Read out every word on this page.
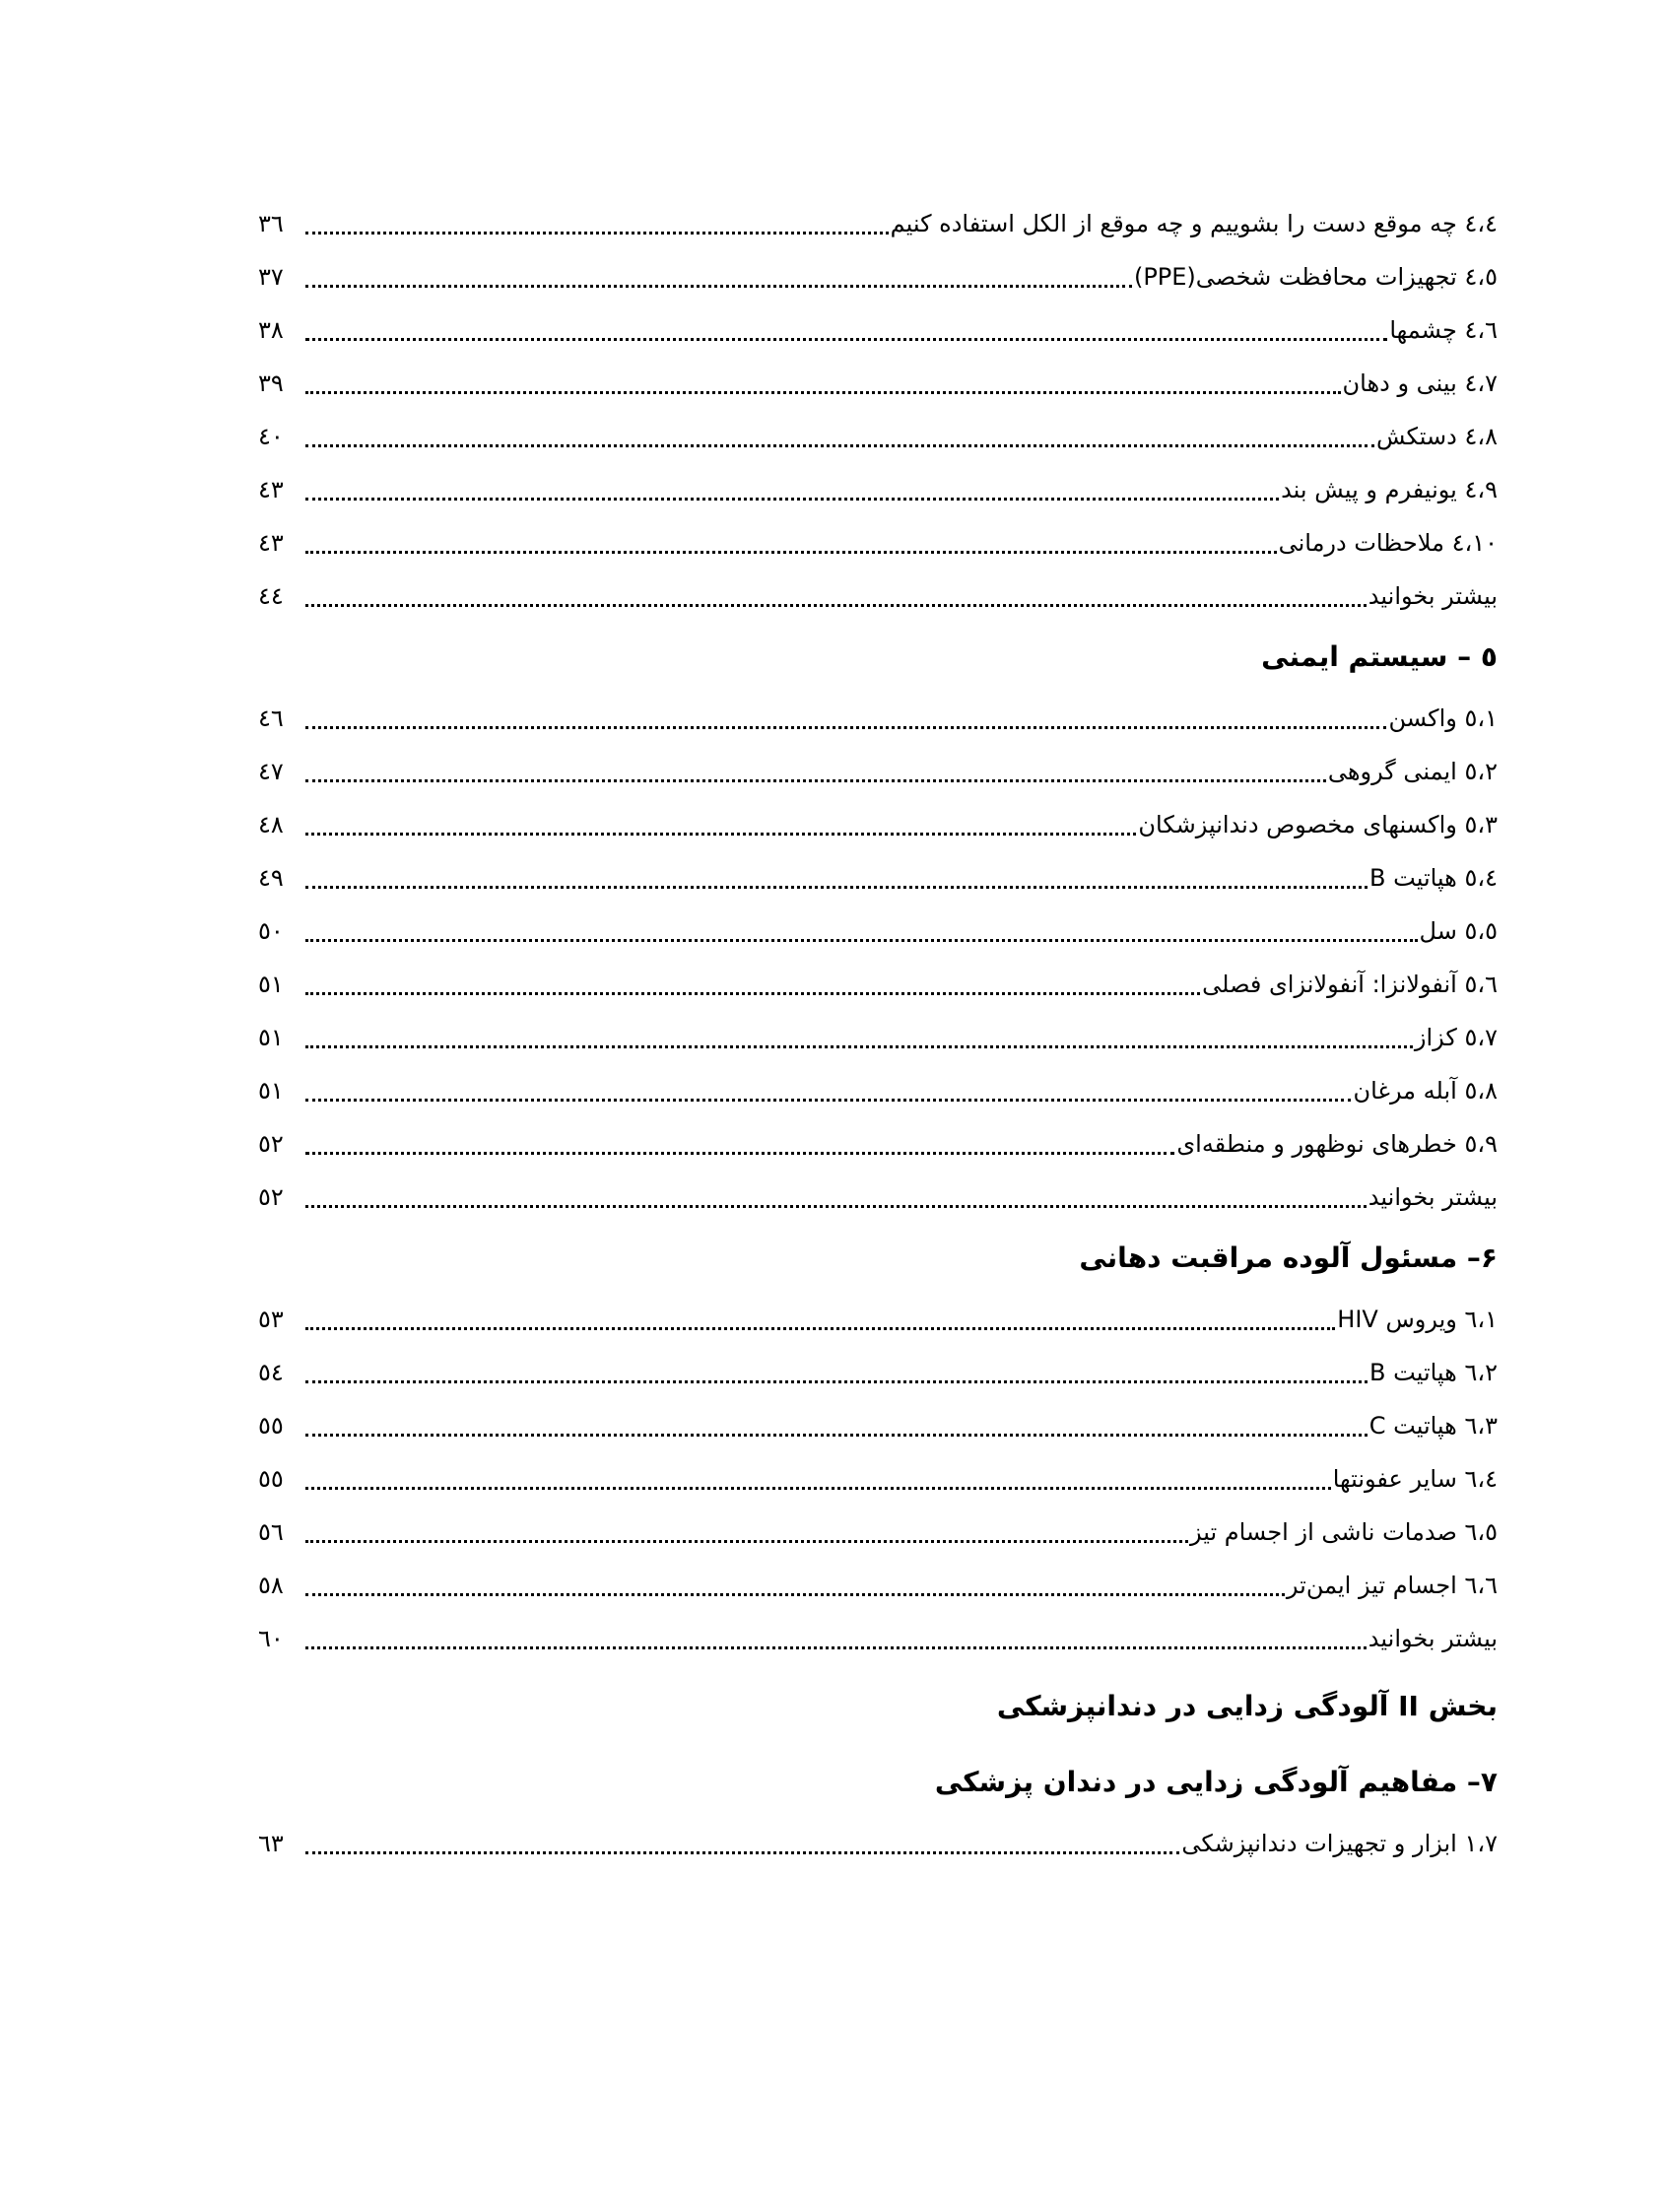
٤،٤ چه موقع دست را بشوییم و چه موقع از الکل استفاده کنیم
٣٦
٤،٥ تجهیزات محافظت شخصی(PPE)
٣٧
٤،٦ چشمها
٣٨
٤،٧ بینی و دهان
٣٩
٤،٨ دستکش
٤٠
٤،٩ یونیفرم و پیش بند
٤٣
٤،١٠ ملاحظات درمانی
٤٣
بیشتر بخوانید
٤٤
٥ – سیستم ایمنی
٥،١ واکسن
٤٦
٥،٢ ایمنی گروهی
٤٧
٥،٣ واکسنهای مخصوص دندانپزشکان
٤٨
٥،٤ هپاتیت B
٤٩
٥،٥ سل
٥٠
٥،٦ آنفولانزا: آنفولانزای فصلی
٥١
٥،٧ کزاز
٥١
٥،٨ آبله مرغان
٥١
٥،٩ خطرهای نوظهور و منطقه‌ای
٥٢
بیشتر بخوانید
٥٢
۶– مسئول آلوده مراقبت دهانی
٦،١ ویروس HIV
٥٣
٦،٢ هپاتیت B
٥٤
٦،٣ هپاتیت C
٥٥
٦،٤ سایر عفونتها
٥٥
٦،٥ صدمات ناشی از اجسام تیز
٥٦
٦،٦ اجسام تیز ایمن‌تر
٥٨
بیشتر بخوانید
٦٠
بخش II آلودگی زدایی در دندانپزشکی
۷– مفاهیم آلودگی زدایی در دندان پزشکی
۷،١ ابزار و تجهیزات دندانپزشکی
٦٣
